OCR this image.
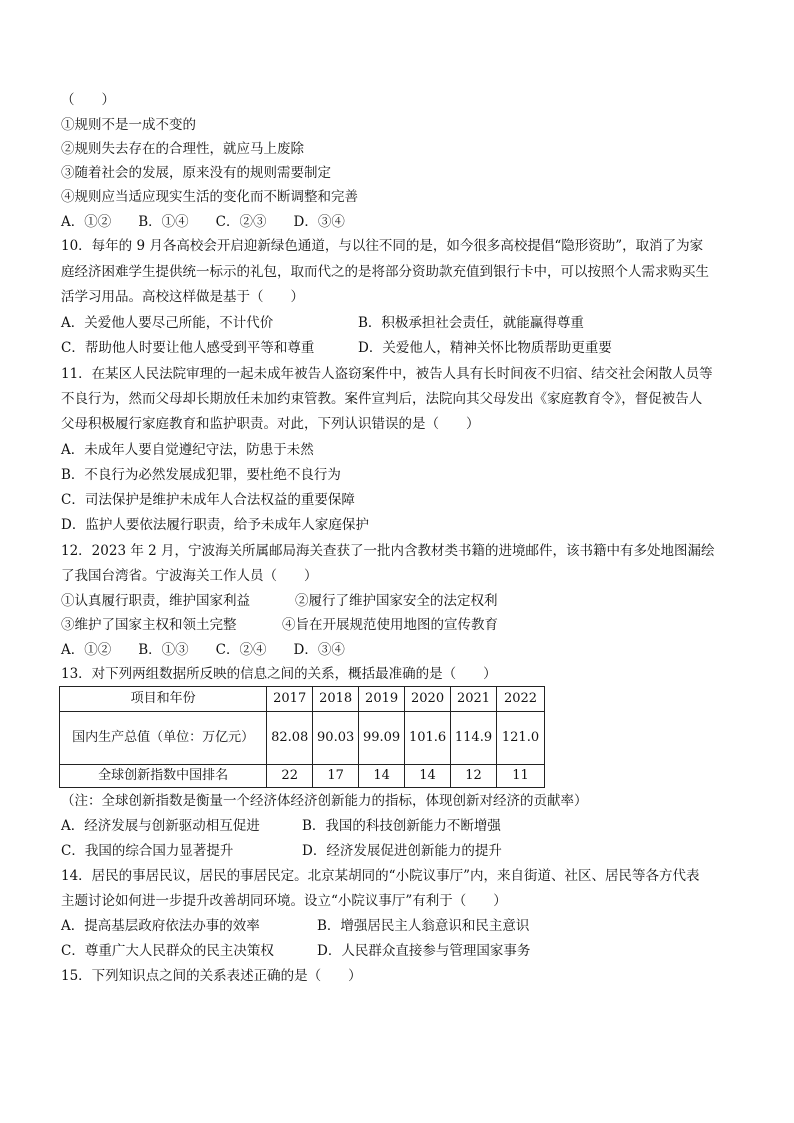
（　　）
①规则不是一成不变的
②规则失去存在的合理性，就应马上废除
③随着社会的发展，原来没有的规则需要制定
④规则应当适应现实生活的变化而不断调整和完善
A．①②　　B．①④　　C．②③　　D．③④
10．每年的 9 月各高校会开启迎新绿色通道，与以往不同的是，如今很多高校提倡“隐形资助”，取消了为家
庭经济困难学生提供统一标示的礼包，取而代之的是将部分资助款充值到银行卡中，可以按照个人需求购买生
活学习用品。高校这样做是基于（　　）
A．关爱他人要尽己所能，不计代价	B．积极承担社会责任，就能赢得尊重
C．帮助他人时要让他人感受到平等和尊重	D．关爱他人，精神关怀比物质帮助更重要
11．在某区人民法院审理的一起未成年被告人盗窃案件中，被告人具有长时间夜不归宿、结交社会闲散人员等
不良行为，然而父母却长期放任未加约束管教。案件宣判后，法院向其父母发出《家庭教育令》，督促被告人
父母积极履行家庭教育和监护职责。对此，下列认识错误的是（　　）
A．未成年人要自觉遵纪守法，防患于未然
B．不良行为必然发展成犯罪，要杜绝不良行为
C．司法保护是维护未成年人合法权益的重要保障
D．监护人要依法履行职责，给予未成年人家庭保护
12．2023 年 2 月，宁波海关所属邮局海关查获了一批内含教材类书籍的进境邮件，该书籍中有多处地图漏绘
了我国台湾省。宁波海关工作人员（　　）
①认真履行职责，维护国家利益	②履行了维护国家安全的法定权利
③维护了国家主权和领土完整	④旨在开展规范使用地图的宣传教育
A．①②　　B．①③　　C．②④　　D．③④
13．对下列两组数据所反映的信息之间的关系，概括最准确的是（　　）
项目和年份	2017	2018	2019	2020	2021	2022
国内生产总值（单位：万亿元）	82.08	90.03	99.09	101.6	114.9	121.0
全球创新指数中国排名	22	17	14	14	12	11
（注：全球创新指数是衡量一个经济体经济创新能力的指标，体现创新对经济的贡献率）
A．经济发展与创新驱动相互促进	B．我国的科技创新能力不断增强
C．我国的综合国力显著提升	D．经济发展促进创新能力的提升
14．居民的事居民议，居民的事居民定。北京某胡同的“小院议事厅”内，来自街道、社区、居民等各方代表
主题讨论如何进一步提升改善胡同环境。设立“小院议事厅”有利于（　　）
A．提高基层政府依法办事的效率	B．增强居民主人翁意识和民主意识
C．尊重广大人民群众的民主决策权	D．人民群众直接参与管理国家事务
15．下列知识点之间的关系表述正确的是（　　）
